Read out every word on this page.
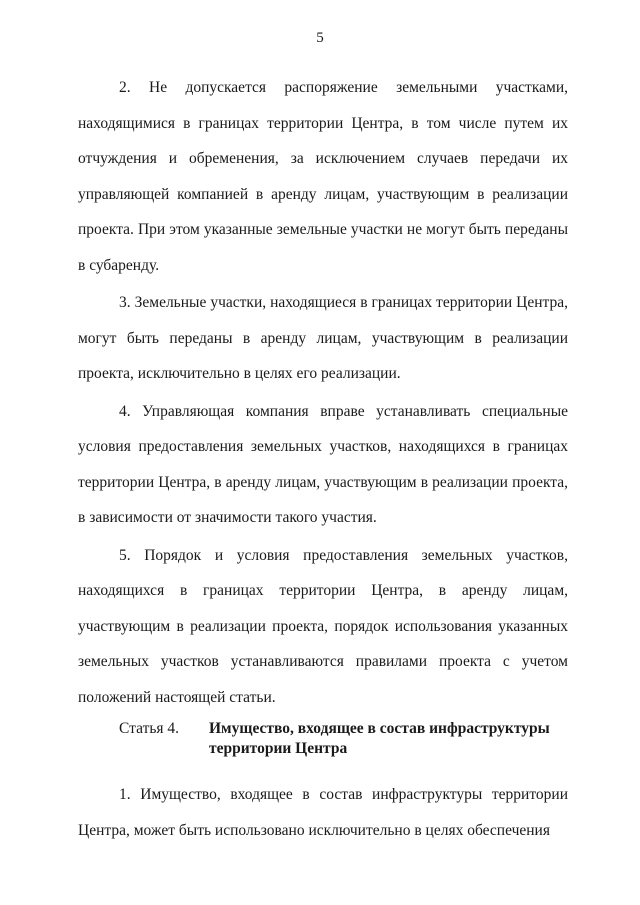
5

2. Не допускается распоряжение земельными участками, находящимися в границах территории Центра, в том числе путем их отчуждения и обременения, за исключением случаев передачи их управляющей компанией в аренду лицам, участвующим в реализации проекта. При этом указанные земельные участки не могут быть переданы в субаренду.

3. Земельные участки, находящиеся в границах территории Центра, могут быть переданы в аренду лицам, участвующим в реализации проекта, исключительно в целях его реализации.

4. Управляющая компания вправе устанавливать специальные условия предоставления земельных участков, находящихся в границах территории Центра, в аренду лицам, участвующим в реализации проекта, в зависимости от значимости такого участия.

5. Порядок и условия предоставления земельных участков, находящихся в границах территории Центра, в аренду лицам, участвующим в реализации проекта, порядок использования указанных земельных участков устанавливаются правилами проекта с учетом положений настоящей статьи.

Статья 4.	Имущество, входящее в состав инфраструктуры территории Центра

1. Имущество, входящее в состав инфраструктуры территории Центра, может быть использовано исключительно в целях обеспечения
